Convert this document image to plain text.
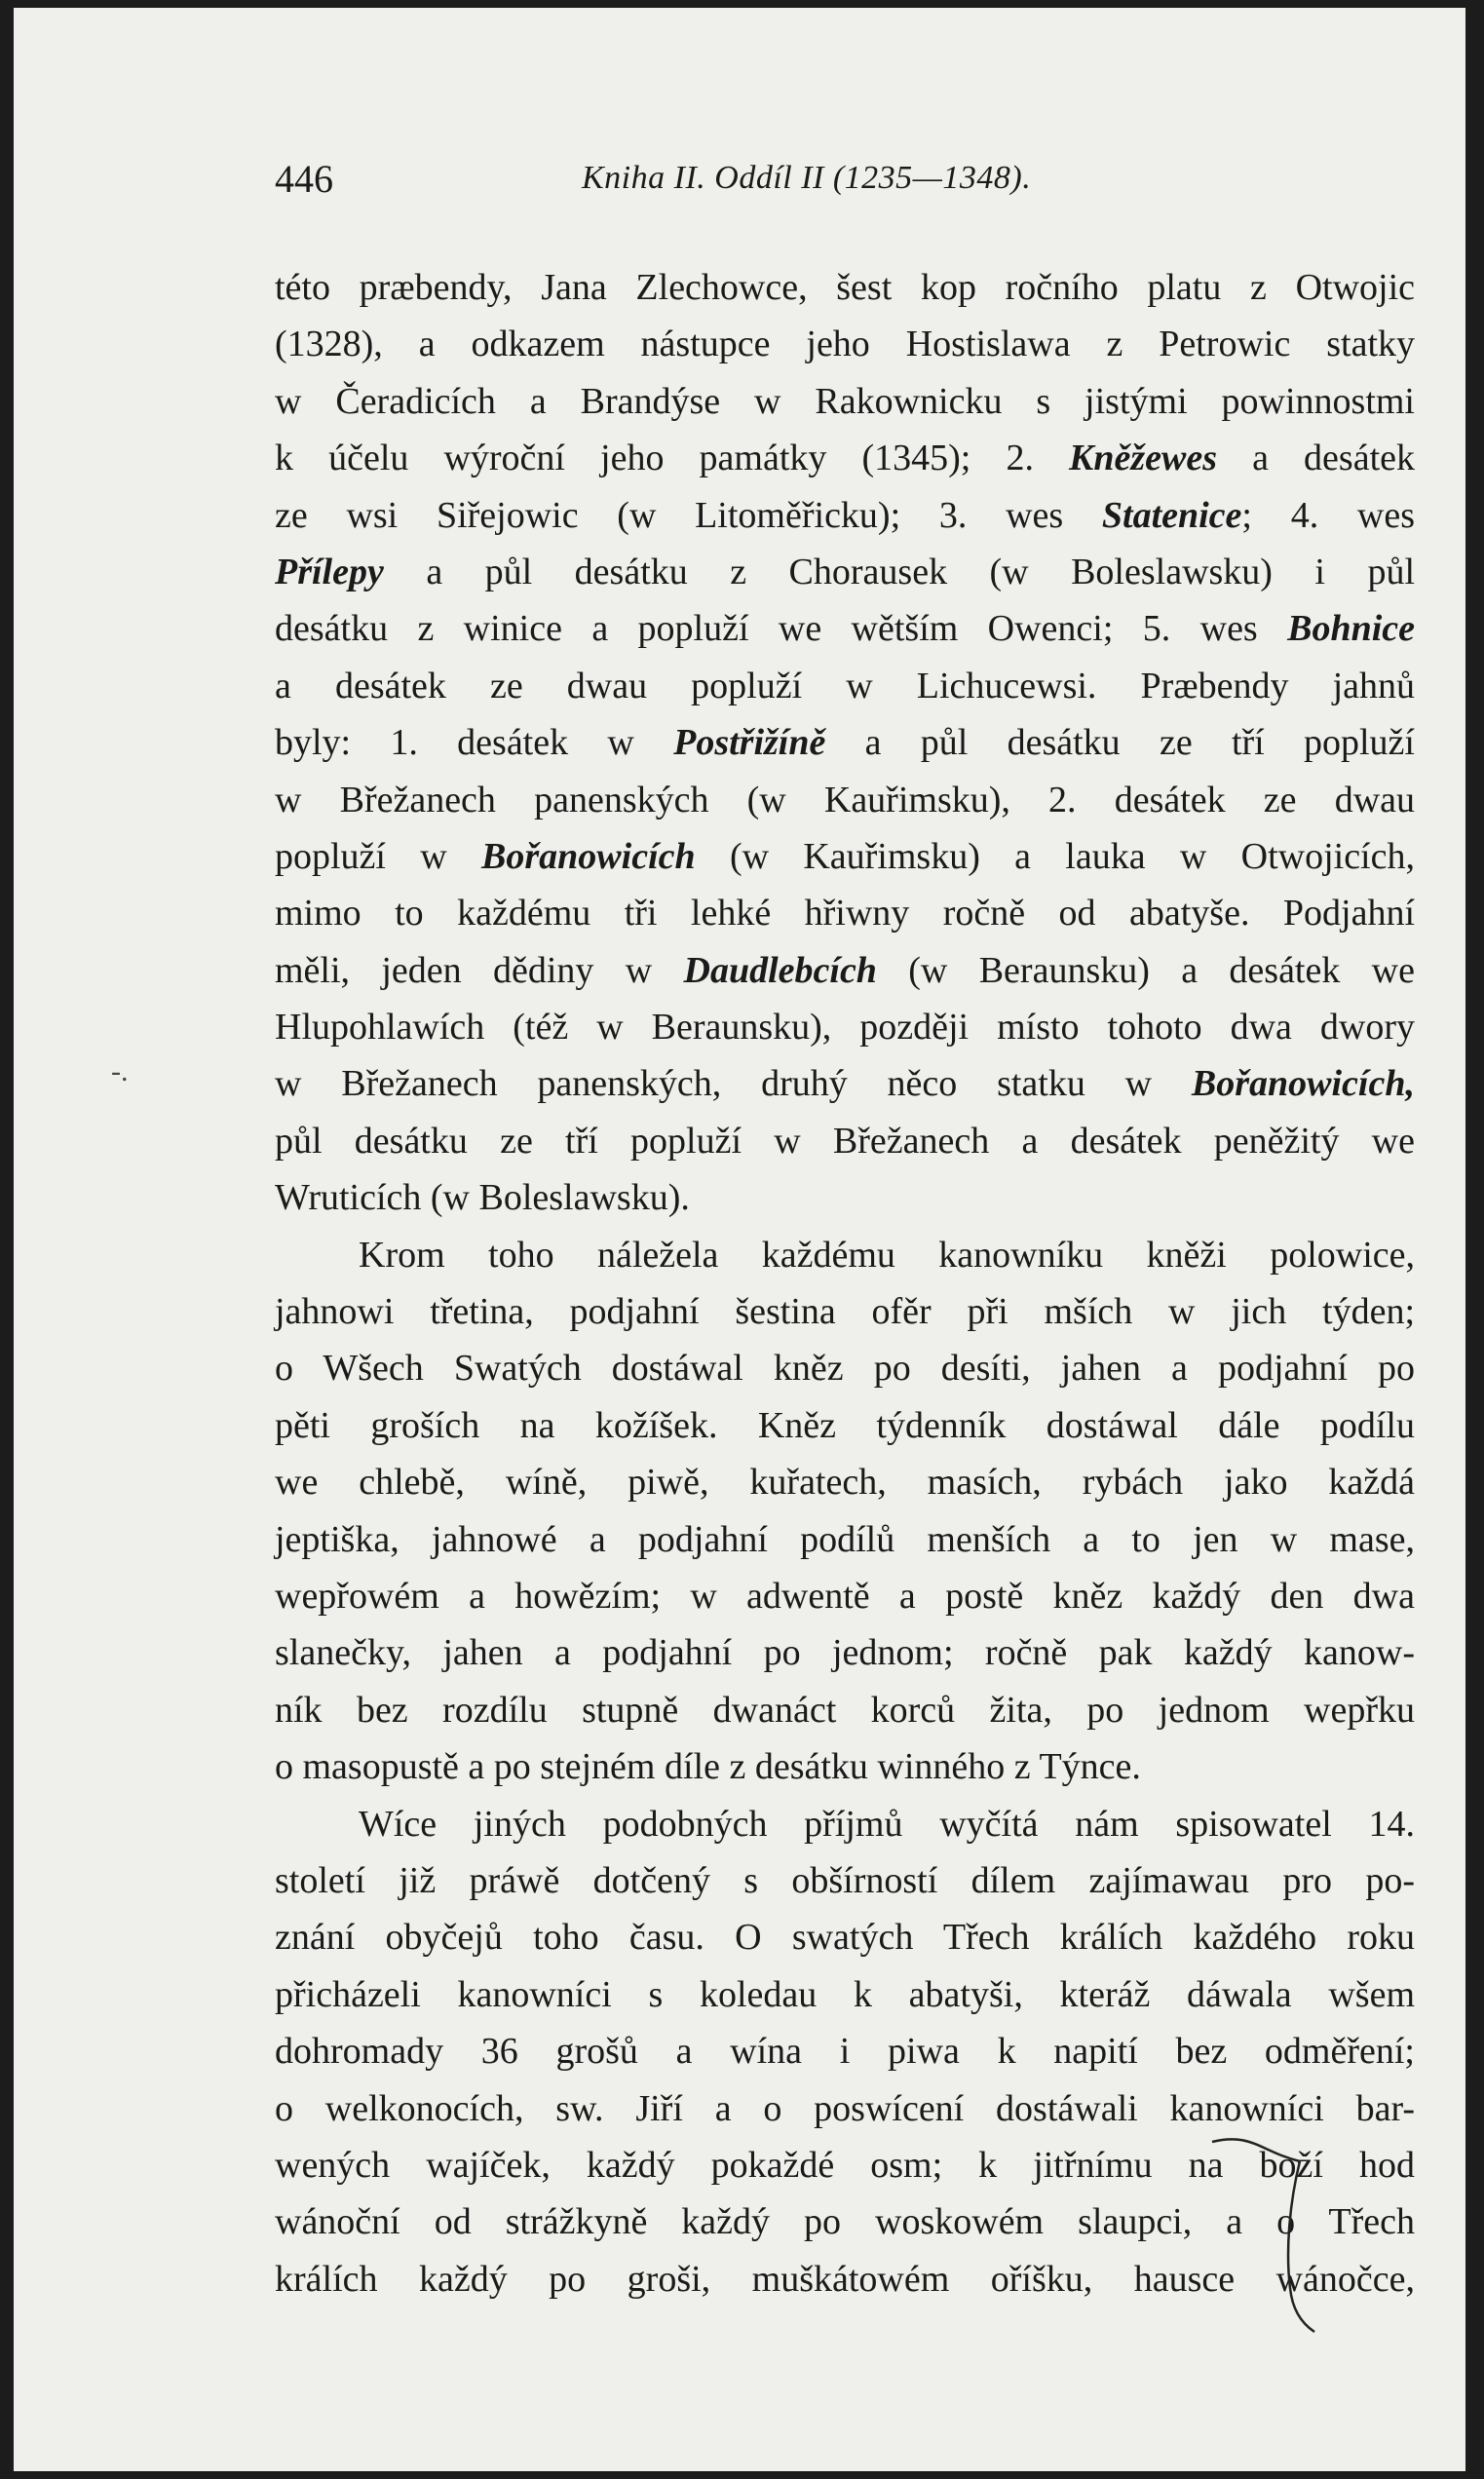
446	Kniha II. Oddíl II (1235—1348).
-.
této præbendy, Jana Zlechowce, šest kop ročního platu z Otwojic
(1328), a odkazem nástupce jeho Hostislawa z Petrowic statky
w Čeradicích a Brandýse w Rakownicku s jistými powinnostmi
k účelu wýroční jeho památky (1345); 2. Kněžewes a desátek
ze wsi Siřejowic (w Litoměřicku); 3. wes Statenice; 4. wes
Přílepy a půl desátku z Chorausek (w Boleslawsku) i půl
desátku z winice a popluží we wětším Owenci; 5. wes Bohnice
a desátek ze dwau popluží w Lichucewsi. Præbendy jahnů
byly: 1. desátek w Postřižíně a půl desátku ze tří popluží
w Břežanech panenských (w Kauřimsku), 2. desátek ze dwau
popluží w Bořanowicích (w Kauřimsku) a lauka w Otwojicích,
mimo to každému tři lehké hřiwny ročně od abatyše. Podjahní
měli, jeden dědiny w Daudlebcích (w Beraunsku) a desátek we
Hlupohlawích (též w Beraunsku), později místo tohoto dwa dwory
w Břežanech panenských, druhý něco statku w Bořanowicích,
půl desátku ze tří popluží w Břežanech a desátek peněžitý we
Wruticích (w Boleslawsku).
Krom toho náležela každému kanowníku kněži polowice,
jahnowi třetina, podjahní šestina ofěr při mších w jich týden;
o Wšech Swatých dostáwal kněz po desíti, jahen a podjahní po
pěti groších na kožíšek. Kněz týdenník dostáwal dále podílu
we chlebě, wíně, piwě, kuřatech, masích, rybách jako každá
jeptiška, jahnowé a podjahní podílů menších a to jen w mase,
wepřowém a howězím; w adwentě a postě kněz každý den dwa
slanečky, jahen a podjahní po jednom; ročně pak každý kanow-
ník bez rozdílu stupně dwanáct korců žita, po jednom wepřku
o masopustě a po stejném díle z desátku winného z Týnce.
Wíce jiných podobných příjmů wyčítá nám spisowatel 14.
století již práwě dotčený s obšírností dílem zajímawau pro po-
znání obyčejů toho času. O swatých Třech králích každého roku
přicházeli kanowníci s koledau k abatyši, kteráž dáwala wšem
dohromady 36 grošů a wína i piwa k napití bez odměření;
o welkonocích, sw. Jiří a o poswícení dostáwali kanowníci bar-
wených wajíček, každý pokaždé osm; k jitřnímu na boží hod
wánoční od strážkyně každý po woskowém slaupci, a o Třech
králích každý po groši, muškátowém oříšku, hausce wánočce,
